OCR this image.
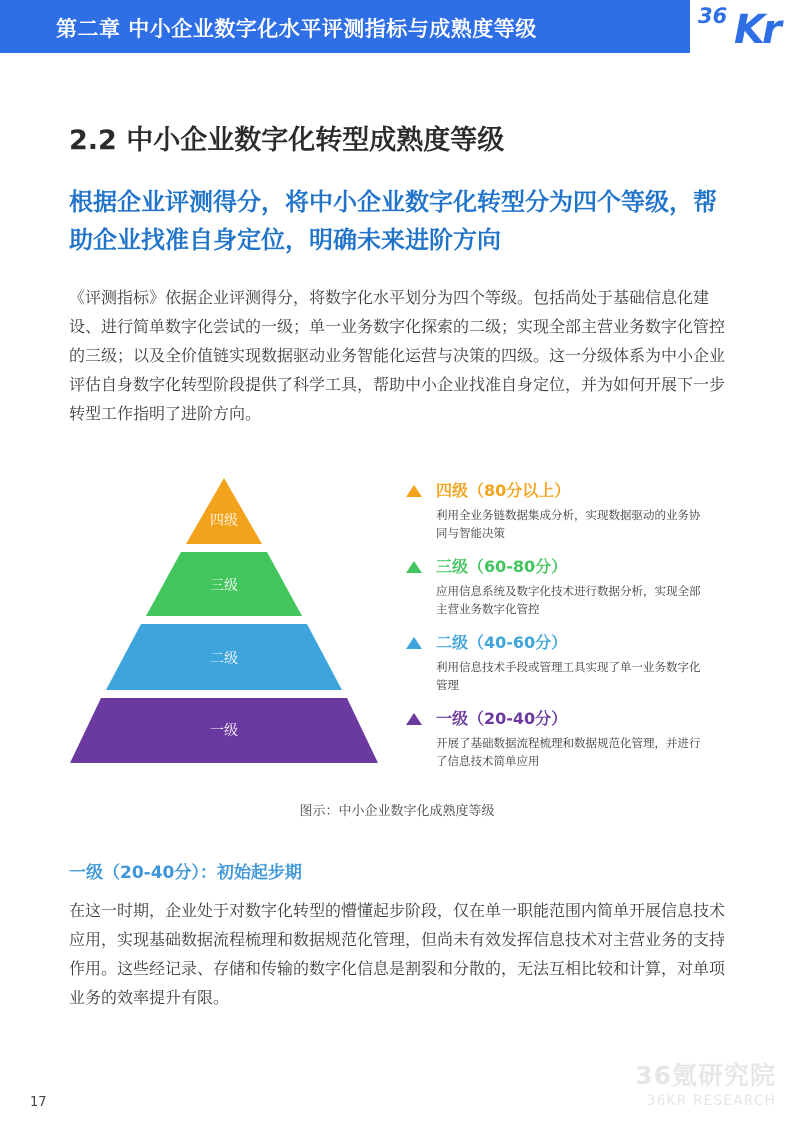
第二章 中小企业数字化水平评测指标与成熟度等级
36 Kr
2.2 中小企业数字化转型成熟度等级
根据企业评测得分，将中小企业数字化转型分为四个等级，帮助企业找准自身定位，明确未来进阶方向
《评测指标》依据企业评测得分，将数字化水平划分为四个等级。包括尚处于基础信息化建设、进行简单数字化尝试的一级；单一业务数字化探索的二级；实现全部主营业务数字化管控的三级；以及全价值链实现数据驱动业务智能化运营与决策的四级。这一分级体系为中小企业评估自身数字化转型阶段提供了科学工具，帮助中小企业找准自身定位，并为如何开展下一步转型工作指明了进阶方向。
四级
三级
二级
一级
四级（80分以上）
利用全业务链数据集成分析，实现数据驱动的业务协同与智能决策
三级（60-80分）
应用信息系统及数字化技术进行数据分析，实现全部主营业务数字化管控
二级（40-60分）
利用信息技术手段或管理工具实现了单一业务数字化管理
一级（20-40分）
开展了基础数据流程梳理和数据规范化管理，并进行了信息技术简单应用
图示：中小企业数字化成熟度等级
一级（20-40分）：初始起步期
在这一时期，企业处于对数字化转型的懵懂起步阶段，仅在单一职能范围内简单开展信息技术应用，实现基础数据流程梳理和数据规范化管理，但尚未有效发挥信息技术对主营业务的支持作用。这些经记录、存储和传输的数字化信息是割裂和分散的，无法互相比较和计算，对单项业务的效率提升有限。
17
36氪研究院
36KR RESEARCH
